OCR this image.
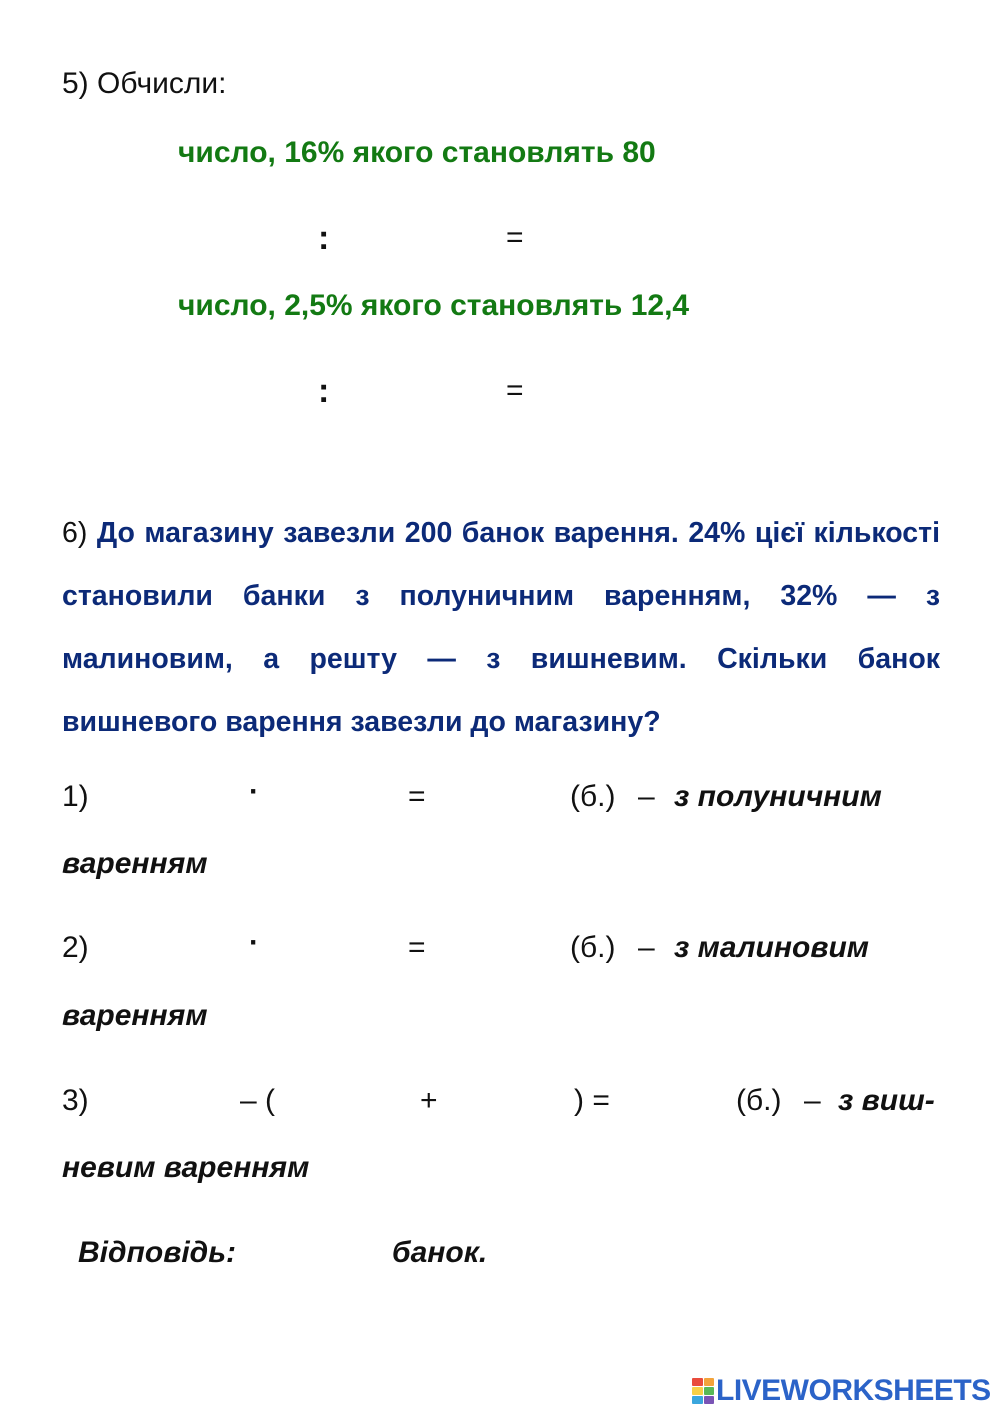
5) Обчисли:
число, 16% якого становлять 80
:	=
число, 2,5% якого становлять 12,4
:	=
6) До магазину завезли 200 банок варення. 24% цієї кількості становили банки з полуничним варенням, 32% — з малиновим, а решту — з вишневим. Скільки банок вишневого варення завезли до магазину?
1)	·	=	(б.) – з полуничним
варенням
2)	·	=	(б.) – з малиновим
варенням
3)	– (	+	) =	(б.) – з виш-
невим варенням
Відповідь:	банок.
LIVEWORKSHEETS
